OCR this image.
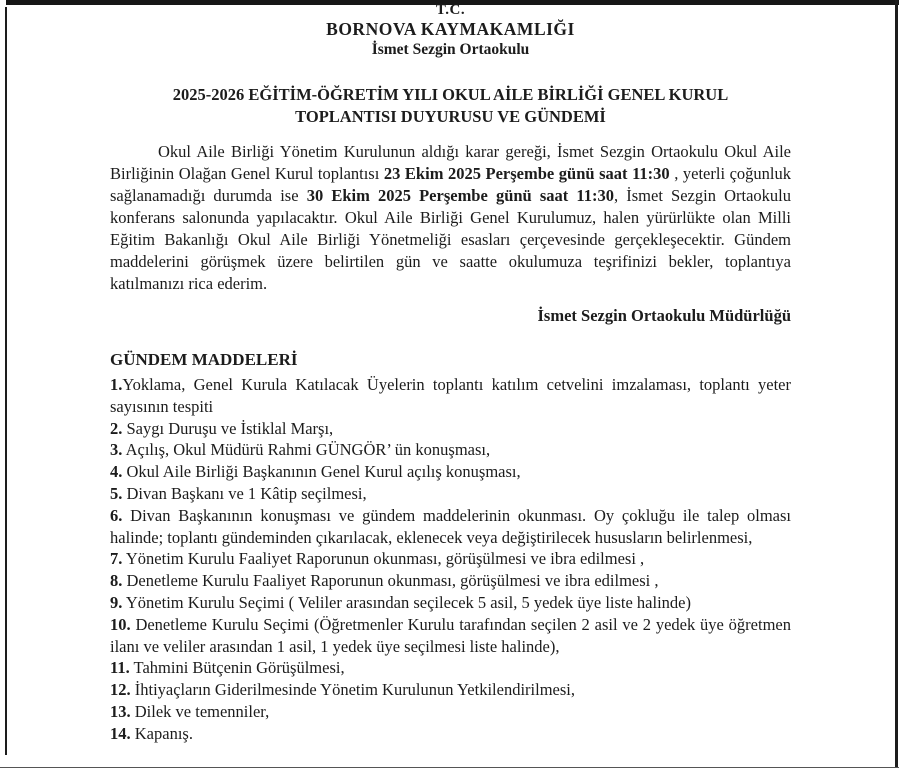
T.C.
BORNOVA KAYMAKAMLIĞI
İsmet Sezgin Ortaokulu
2025-2026 EĞİTİM-ÖĞRETİM YILI OKUL AİLE BİRLİĞİ GENEL KURUL
TOPLANTISI DUYURUSU VE GÜNDEMİ
Okul Aile Birliği Yönetim Kurulunun aldığı karar gereği, İsmet Sezgin Ortaokulu Okul Aile Birliğinin Olağan Genel Kurul toplantısı 23 Ekim 2025 Perşembe günü saat 11:30 , yeterli çoğunluk sağlanamadığı durumda ise 30 Ekim 2025 Perşembe günü saat 11:30, İsmet Sezgin Ortaokulu konferans salonunda yapılacaktır. Okul Aile Birliği Genel Kurulumuz, halen yürürlükte olan Milli Eğitim Bakanlığı Okul Aile Birliği Yönetmeliği esasları çerçevesinde gerçekleşecektir. Gündem maddelerini görüşmek üzere belirtilen gün ve saatte okulumuza teşrifinizi bekler, toplantıya katılmanızı rica ederim.
İsmet Sezgin Ortaokulu Müdürlüğü
GÜNDEM MADDELERİ
1.Yoklama, Genel Kurula Katılacak Üyelerin toplantı katılım cetvelini imzalaması, toplantı yeter sayısının tespiti
2. Saygı Duruşu ve İstiklal Marşı,
3. Açılış, Okul Müdürü Rahmi GÜNGÖR’ ün konuşması,
4. Okul Aile Birliği Başkanının Genel Kurul açılış konuşması,
5. Divan Başkanı ve 1 Kâtip seçilmesi,
6. Divan Başkanının konuşması ve gündem maddelerinin okunması. Oy çokluğu ile talep olması halinde; toplantı gündeminden çıkarılacak, eklenecek veya değiştirilecek hususların belirlenmesi,
7. Yönetim Kurulu Faaliyet Raporunun okunması, görüşülmesi ve ibra edilmesi ,
8. Denetleme Kurulu Faaliyet Raporunun okunması, görüşülmesi ve ibra edilmesi ,
9. Yönetim Kurulu Seçimi ( Veliler arasından seçilecek 5 asil, 5 yedek üye liste halinde)
10. Denetleme Kurulu Seçimi (Öğretmenler Kurulu tarafından seçilen 2 asil ve 2 yedek üye öğretmen ilanı ve veliler arasından 1 asil, 1 yedek üye seçilmesi liste halinde),
11. Tahmini Bütçenin Görüşülmesi,
12. İhtiyaçların Giderilmesinde Yönetim Kurulunun Yetkilendirilmesi,
13. Dilek ve temenniler,
14. Kapanış.
